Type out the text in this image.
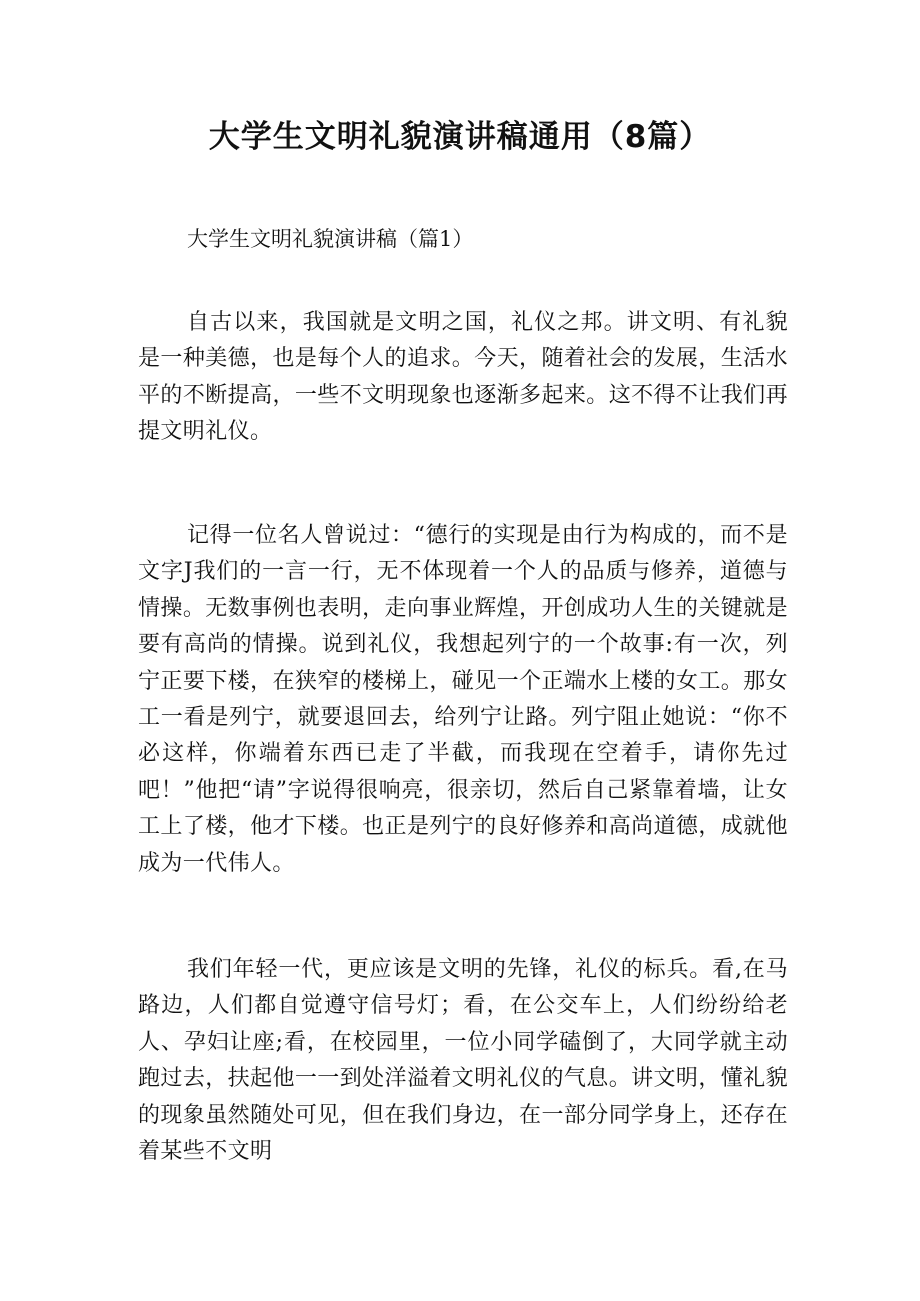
大学生文明礼貌演讲稿通用（8篇）

大学生文明礼貌演讲稿（篇1）

自古以来，我国就是文明之国，礼仪之邦。讲文明、有礼貌是一种美德，也是每个人的追求。今天，随着社会的发展，生活水平的不断提高，一些不文明现象也逐渐多起来。这不得不让我们再提文明礼仪。

记得一位名人曾说过：“德行的实现是由行为构成的，而不是文字J我们的一言一行，无不体现着一个人的品质与修养，道德与情操。无数事例也表明，走向事业辉煌，开创成功人生的关键就是要有高尚的情操。说到礼仪，我想起列宁的一个故事:有一次，列宁正要下楼，在狭窄的楼梯上，碰见一个正端水上楼的女工。那女工一看是列宁，就要退回去，给列宁让路。列宁阻止她说：“你不必这样，你端着东西已走了半截，而我现在空着手，请你先过吧！”他把“请”字说得很响亮，很亲切，然后自己紧靠着墙，让女工上了楼，他才下楼。也正是列宁的良好修养和高尚道德，成就他成为一代伟人。

我们年轻一代，更应该是文明的先锋，礼仪的标兵。看,在马路边，人们都自觉遵守信号灯；看，在公交车上，人们纷纷给老人、孕妇让座;看，在校园里，一位小同学磕倒了，大同学就主动跑过去，扶起他一一到处洋溢着文明礼仪的气息。讲文明，懂礼貌的现象虽然随处可见，但在我们身边，在一部分同学身上，还存在着某些不文明
